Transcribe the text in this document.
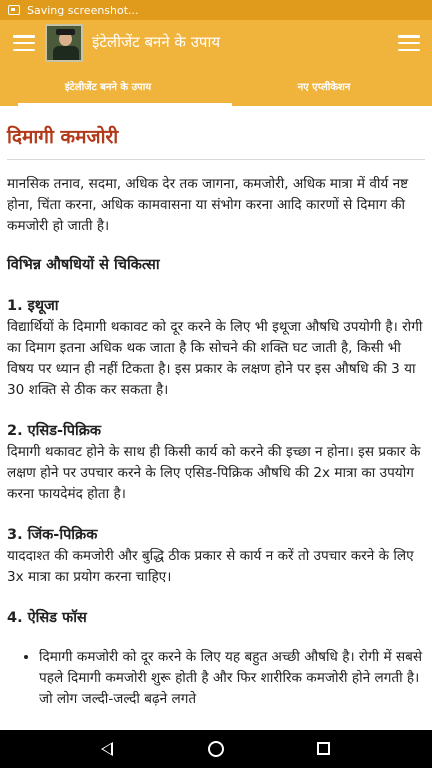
Saving screenshot...
इंटेलीजेंट बनने के उपाय
इंटेलीजेंट बनने के उपाय	नए एप्लीकेशन
दिमागी कमजोरी

मानसिक तनाव, सदमा, अधिक देर तक जागना, कमजोरी, अधिक मात्रा में वीर्य नष्ट होना, चिंता करना, अधिक कामवासना या संभोग करना आदि कारणों से दिमाग की कमजोरी हो जाती है।

विभिन्न औषधियों से चिकित्सा
1. इथूजा

विद्यार्थियों के दिमागी थकावट को दूर करने के लिए भी इथूजा औषधि उपयोगी है। रोगी का दिमाग इतना अधिक थक जाता है कि सोचने की शक्ति घट जाती है, किसी भी विषय पर ध्यान ही नहीं टिकता है। इस प्रकार के लक्षण होने पर इस औषधि की 3 या 30 शक्ति से ठीक कर सकता है।

2. एसिड-पिक्रिक

दिमागी थकावट होने के साथ ही किसी कार्य को करने की इच्छा न होना। इस प्रकार के लक्षण होने पर उपचार करने के लिए एसिड-पिक्रिक औषधि की 2x मात्रा का उपयोग करना फायदेमंद होता है।

3. जिंक-पिक्रिक

याददाश्त की कमजोरी और बुद्धि ठीक प्रकार से कार्य न करें तो उपचार करने के लिए 3x मात्रा का प्रयोग करना चाहिए।

4. ऐसिड फॉस
• दिमागी कमजोरी को दूर करने के लिए यह बहुत अच्छी औषधि है। रोगी में सबसे पहले दिमागी कमजोरी शुरू होती है और फिर शारीरिक कमजोरी होने लगती है। जो लोग जल्दी-जल्दी बढ़ने लगते
